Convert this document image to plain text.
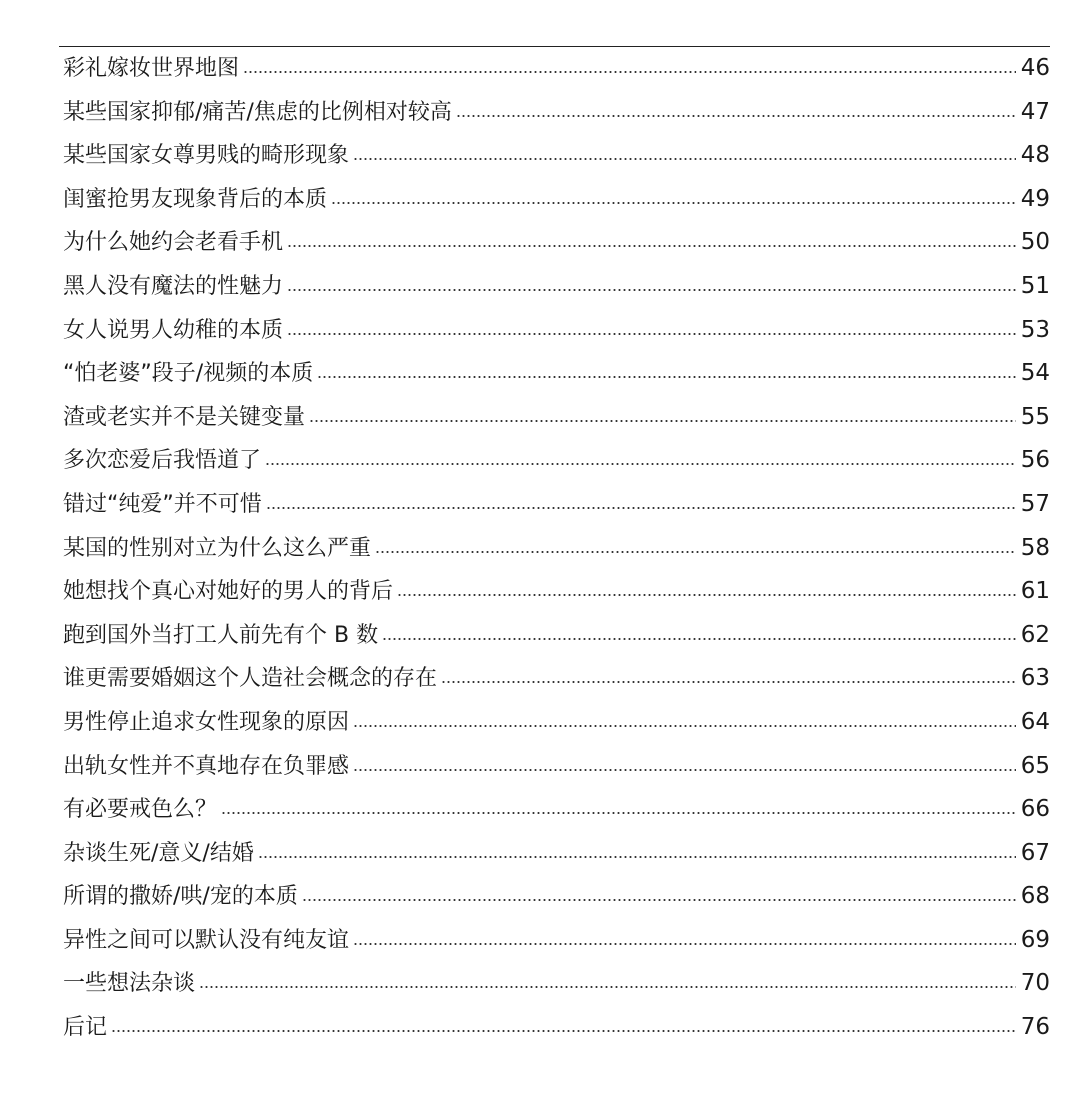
彩礼嫁妆世界地图	46
某些国家抑郁/痛苦/焦虑的比例相对较高	47
某些国家女尊男贱的畸形现象	48
闺蜜抢男友现象背后的本质	49
为什么她约会老看手机	50
黑人没有魔法的性魅力	51
女人说男人幼稚的本质	53
“怕老婆”段子/视频的本质	54
渣或老实并不是关键变量	55
多次恋爱后我悟道了	56
错过“纯爱”并不可惜	57
某国的性别对立为什么这么严重	58
她想找个真心对她好的男人的背后	61
跑到国外当打工人前先有个 B 数	62
谁更需要婚姻这个人造社会概念的存在	63
男性停止追求女性现象的原因	64
出轨女性并不真地存在负罪感	65
有必要戒色么？	66
杂谈生死/意义/结婚	67
所谓的撒娇/哄/宠的本质	68
异性之间可以默认没有纯友谊	69
一些想法杂谈	70
后记	76
